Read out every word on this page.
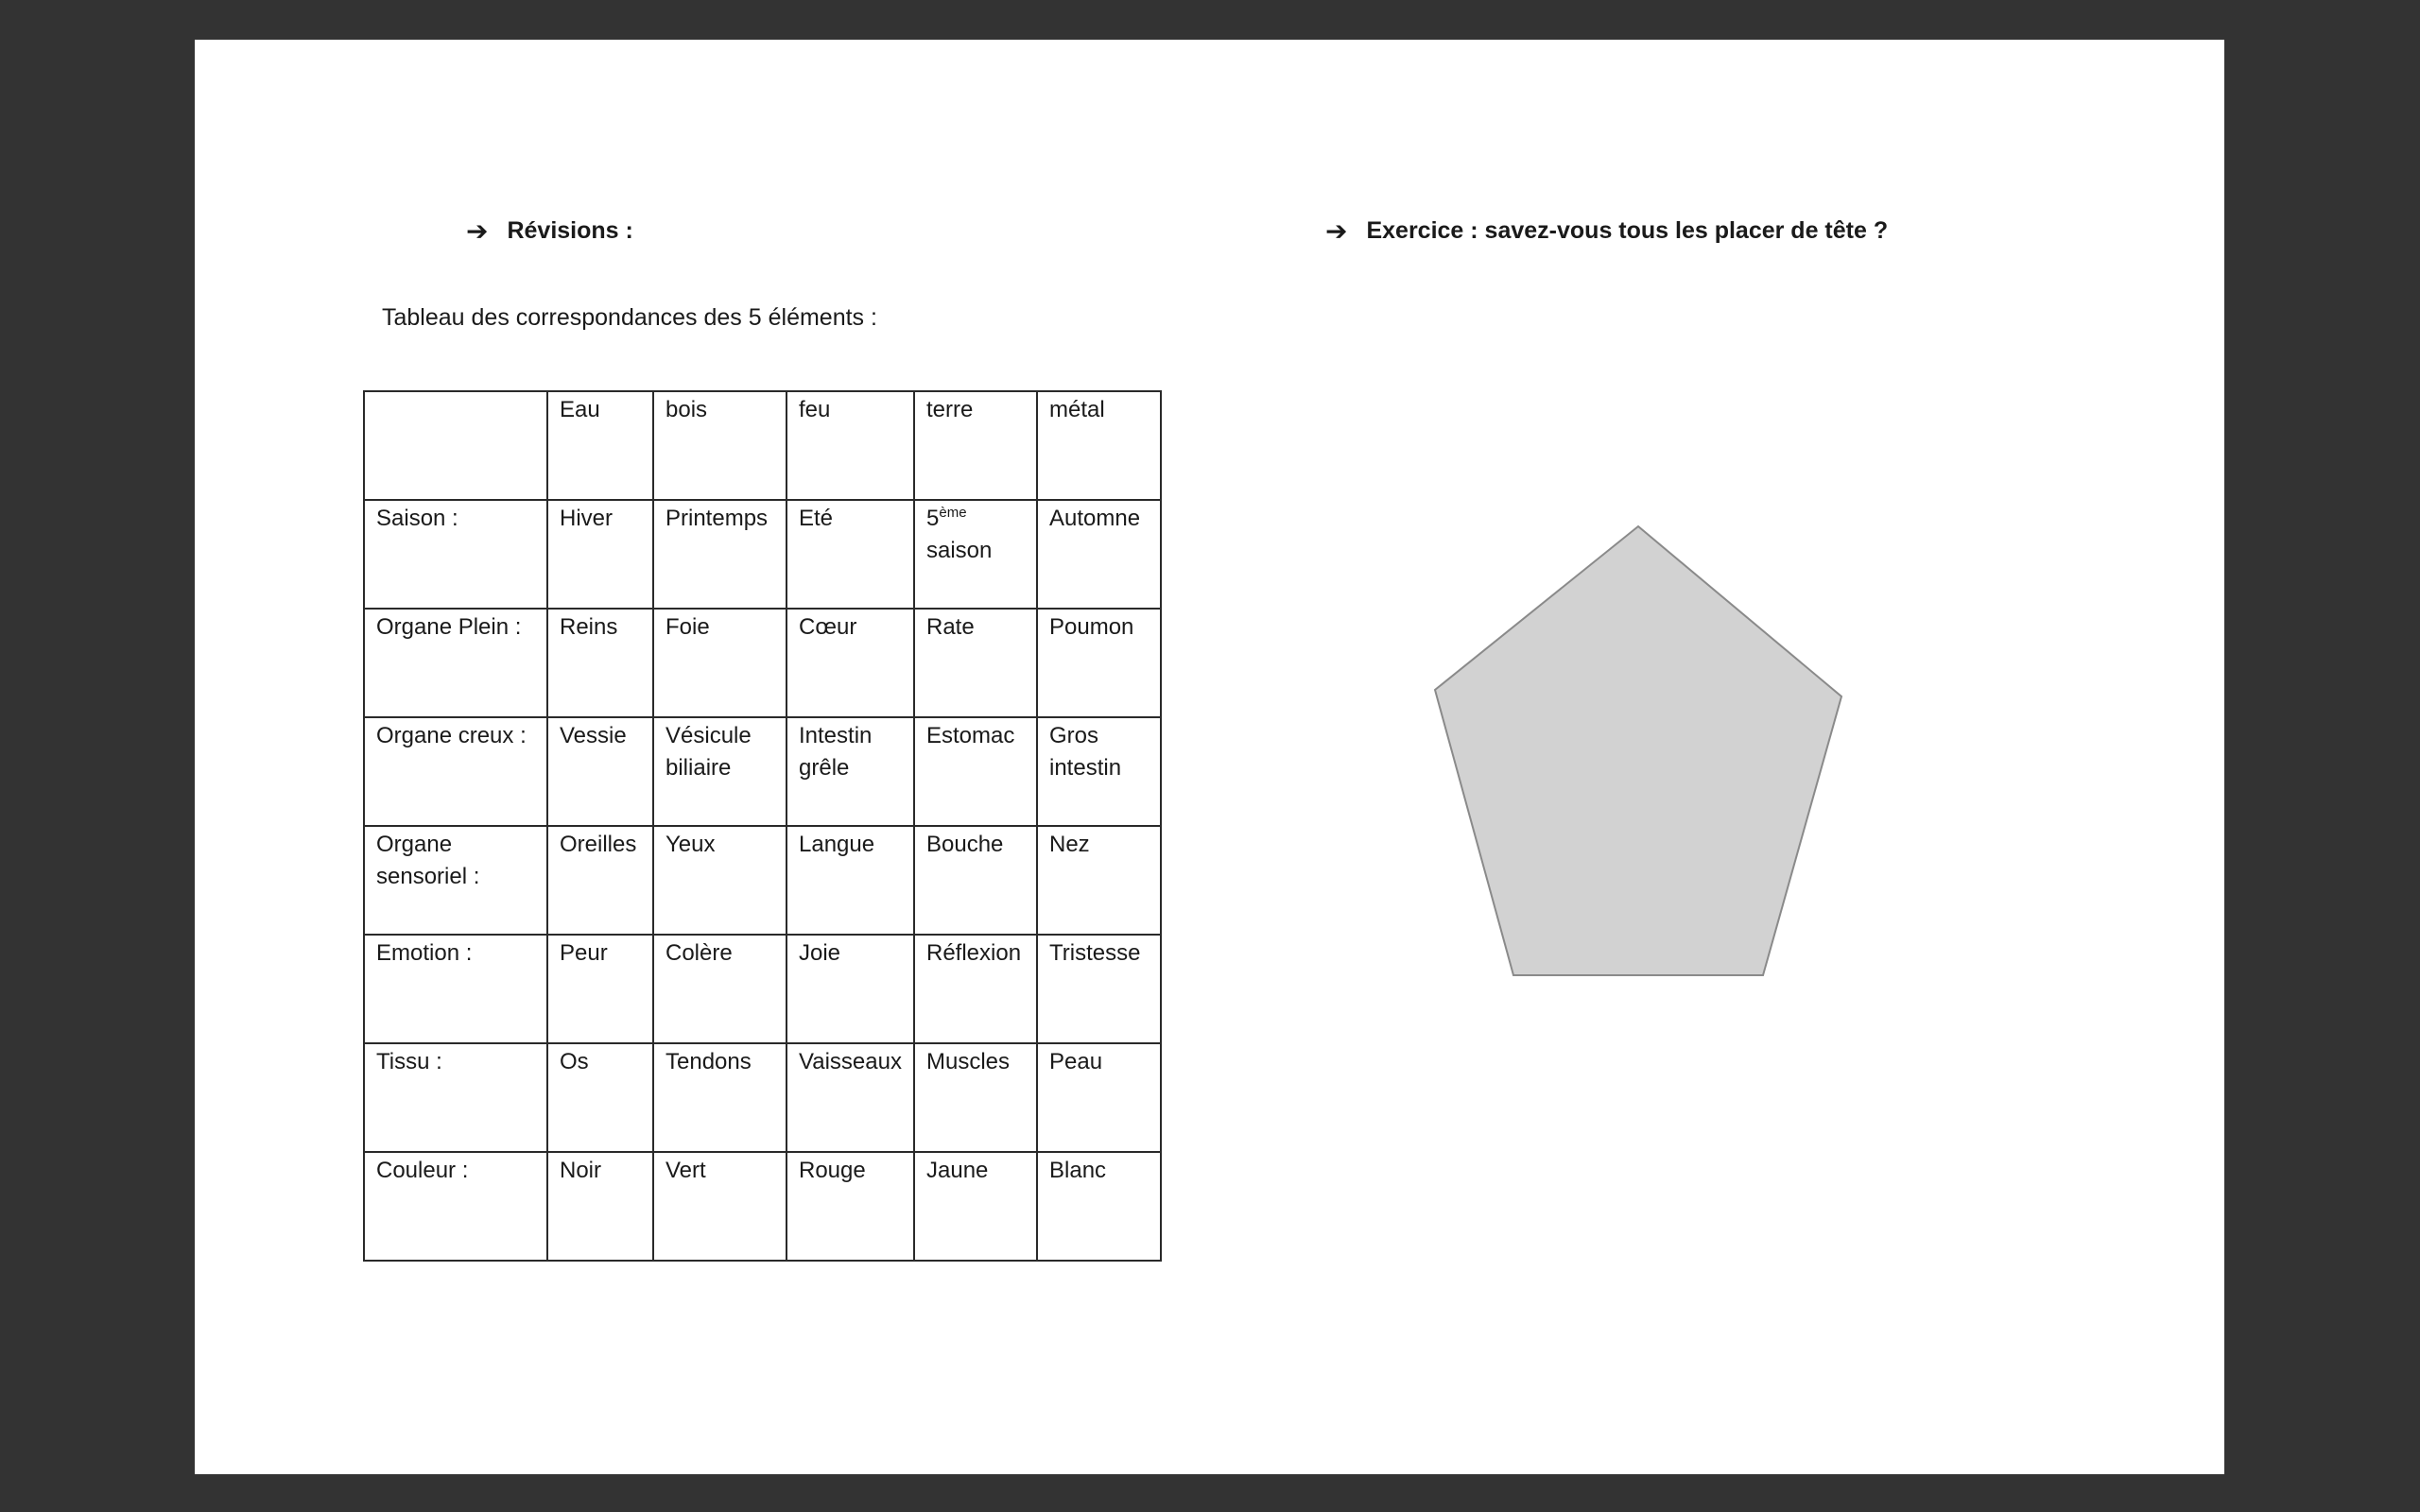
➔ Révisions :	➔ Exercice : savez-vous tous les placer de tête ?
Tableau des correspondances des 5 éléments :

	Eau	bois	feu	terre	métal

Saison :	Hiver	Printemps	Eté	5ème saison	Automne

Organe Plein :	Reins	Foie	Cœur	Rate	Poumon

Organe creux :	Vessie	Vésicule biliaire	Intestin grêle	Estomac	Gros intestin

Organe sensoriel :	Oreilles	Yeux	Langue	Bouche	Nez

Emotion :	Peur	Colère	Joie	Réflexion	Tristesse

Tissu :	Os	Tendons	Vaisseaux	Muscles	Peau

Couleur :	Noir	Vert	Rouge	Jaune	Blanc
